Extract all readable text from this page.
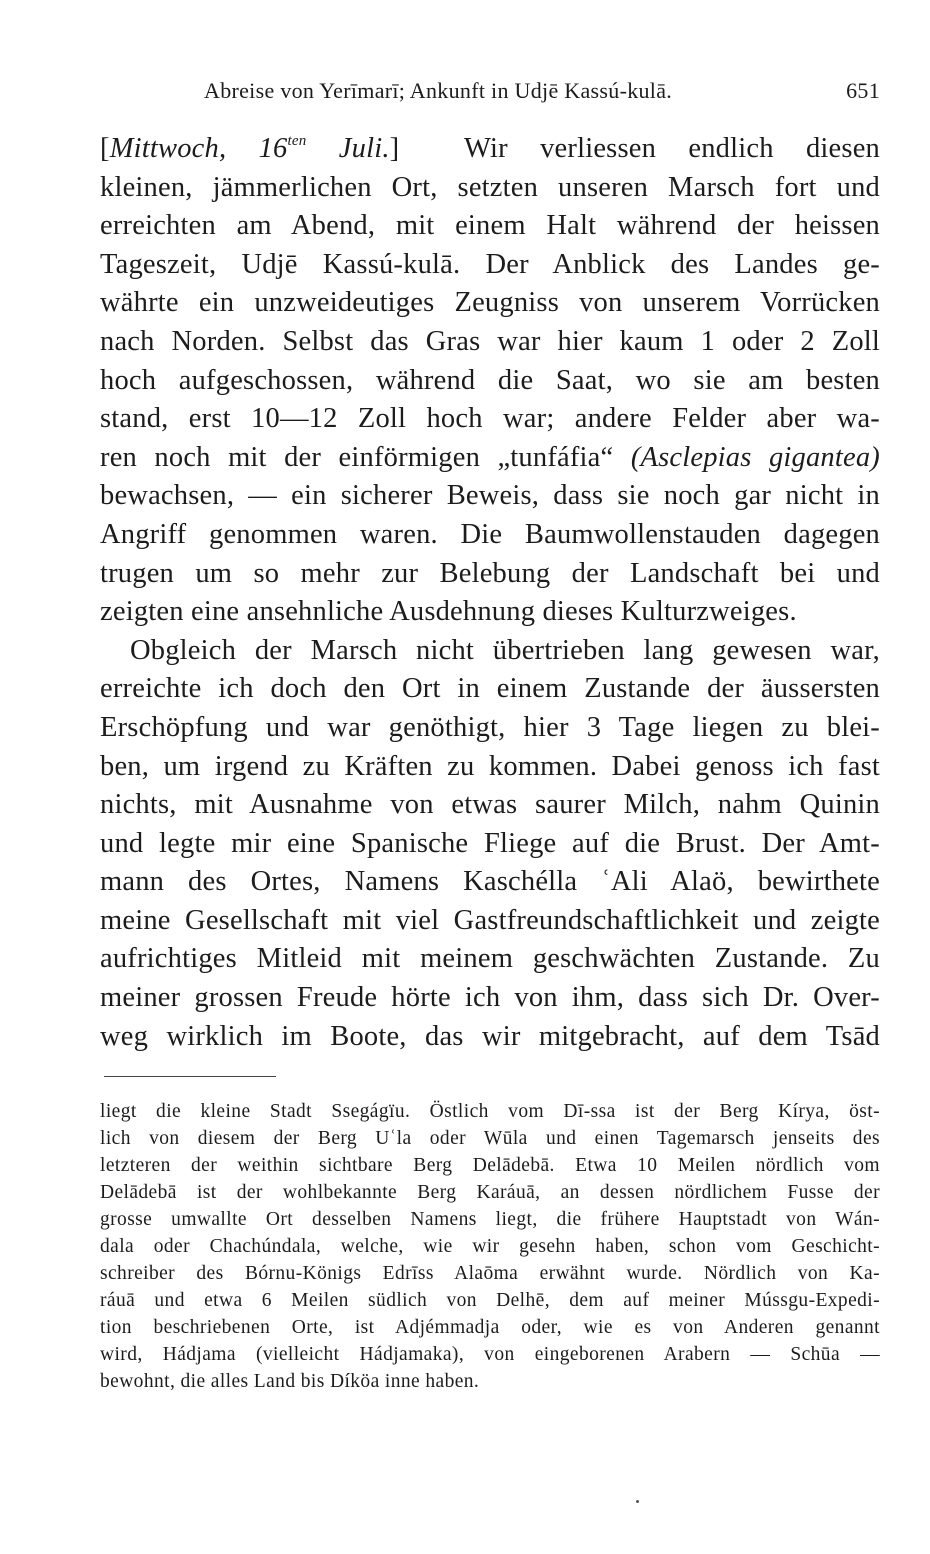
Abreise von Yerīmarī; Ankunft in Udjē Kassú-kulā.	651
[Mittwoch, $16^{ten}$ Juli.] Wir verliessen endlich diesen
kleinen, jämmerlichen Ort, setzten unseren Marsch fort und
erreichten am Abend, mit einem Halt während der heissen
Tageszeit, Udjē Kassú-kulā. Der Anblick des Landes ge-
währte ein unzweideutiges Zeugniss von unserem Vorrücken
nach Norden. Selbst das Gras war hier kaum 1 oder 2 Zoll
hoch aufgeschossen, während die Saat, wo sie am besten
stand, erst 10—12 Zoll hoch war; andere Felder aber wa-
ren noch mit der einförmigen „tunfáfia“ (Asclepias gigantea)
bewachsen, — ein sicherer Beweis, dass sie noch gar nicht in
Angriff genommen waren. Die Baumwollenstauden dagegen
trugen um so mehr zur Belebung der Landschaft bei und
zeigten eine ansehnliche Ausdehnung dieses Kulturzweiges.
Obgleich der Marsch nicht übertrieben lang gewesen war,
erreichte ich doch den Ort in einem Zustande der äussersten
Erschöpfung und war genöthigt, hier 3 Tage liegen zu blei-
ben, um irgend zu Kräften zu kommen. Dabei genoss ich fast
nichts, mit Ausnahme von etwas saurer Milch, nahm Quinin
und legte mir eine Spanische Fliege auf die Brust. Der Amt-
mann des Ortes, Namens Kaschélla ʿAli Alaö, bewirthete
meine Gesellschaft mit viel Gastfreundschaftlichkeit und zeigte
aufrichtiges Mitleid mit meinem geschwächten Zustande. Zu
meiner grossen Freude hörte ich von ihm, dass sich Dr. Over-
weg wirklich im Boote, das wir mitgebracht, auf dem Tsād
liegt die kleine Stadt Ssegágïu. Östlich vom Dī-ssa ist der Berg Kírya, öst-
lich von diesem der Berg Uʿla oder Wūla und einen Tagemarsch jenseits des
letzteren der weithin sichtbare Berg Delādebā. Etwa 10 Meilen nördlich vom
Delādebā ist der wohlbekannte Berg Karáuā, an dessen nördlichem Fusse der
grosse umwallte Ort desselben Namens liegt, die frühere Hauptstadt von Wán-
dala oder Chachúndala, welche, wie wir gesehn haben, schon vom Geschicht-
schreiber des Bórnu-Königs Edrīss Alaōma erwähnt wurde. Nördlich von Ka-
ráuā und etwa 6 Meilen südlich von Delhē, dem auf meiner Mússgu-Expedi-
tion beschriebenen Orte, ist Adjémmadja oder, wie es von Anderen genannt
wird, Hádjama (vielleicht Hádjamaka), von eingeborenen Arabern — Schūa —
bewohnt, die alles Land bis Díköa inne haben.
